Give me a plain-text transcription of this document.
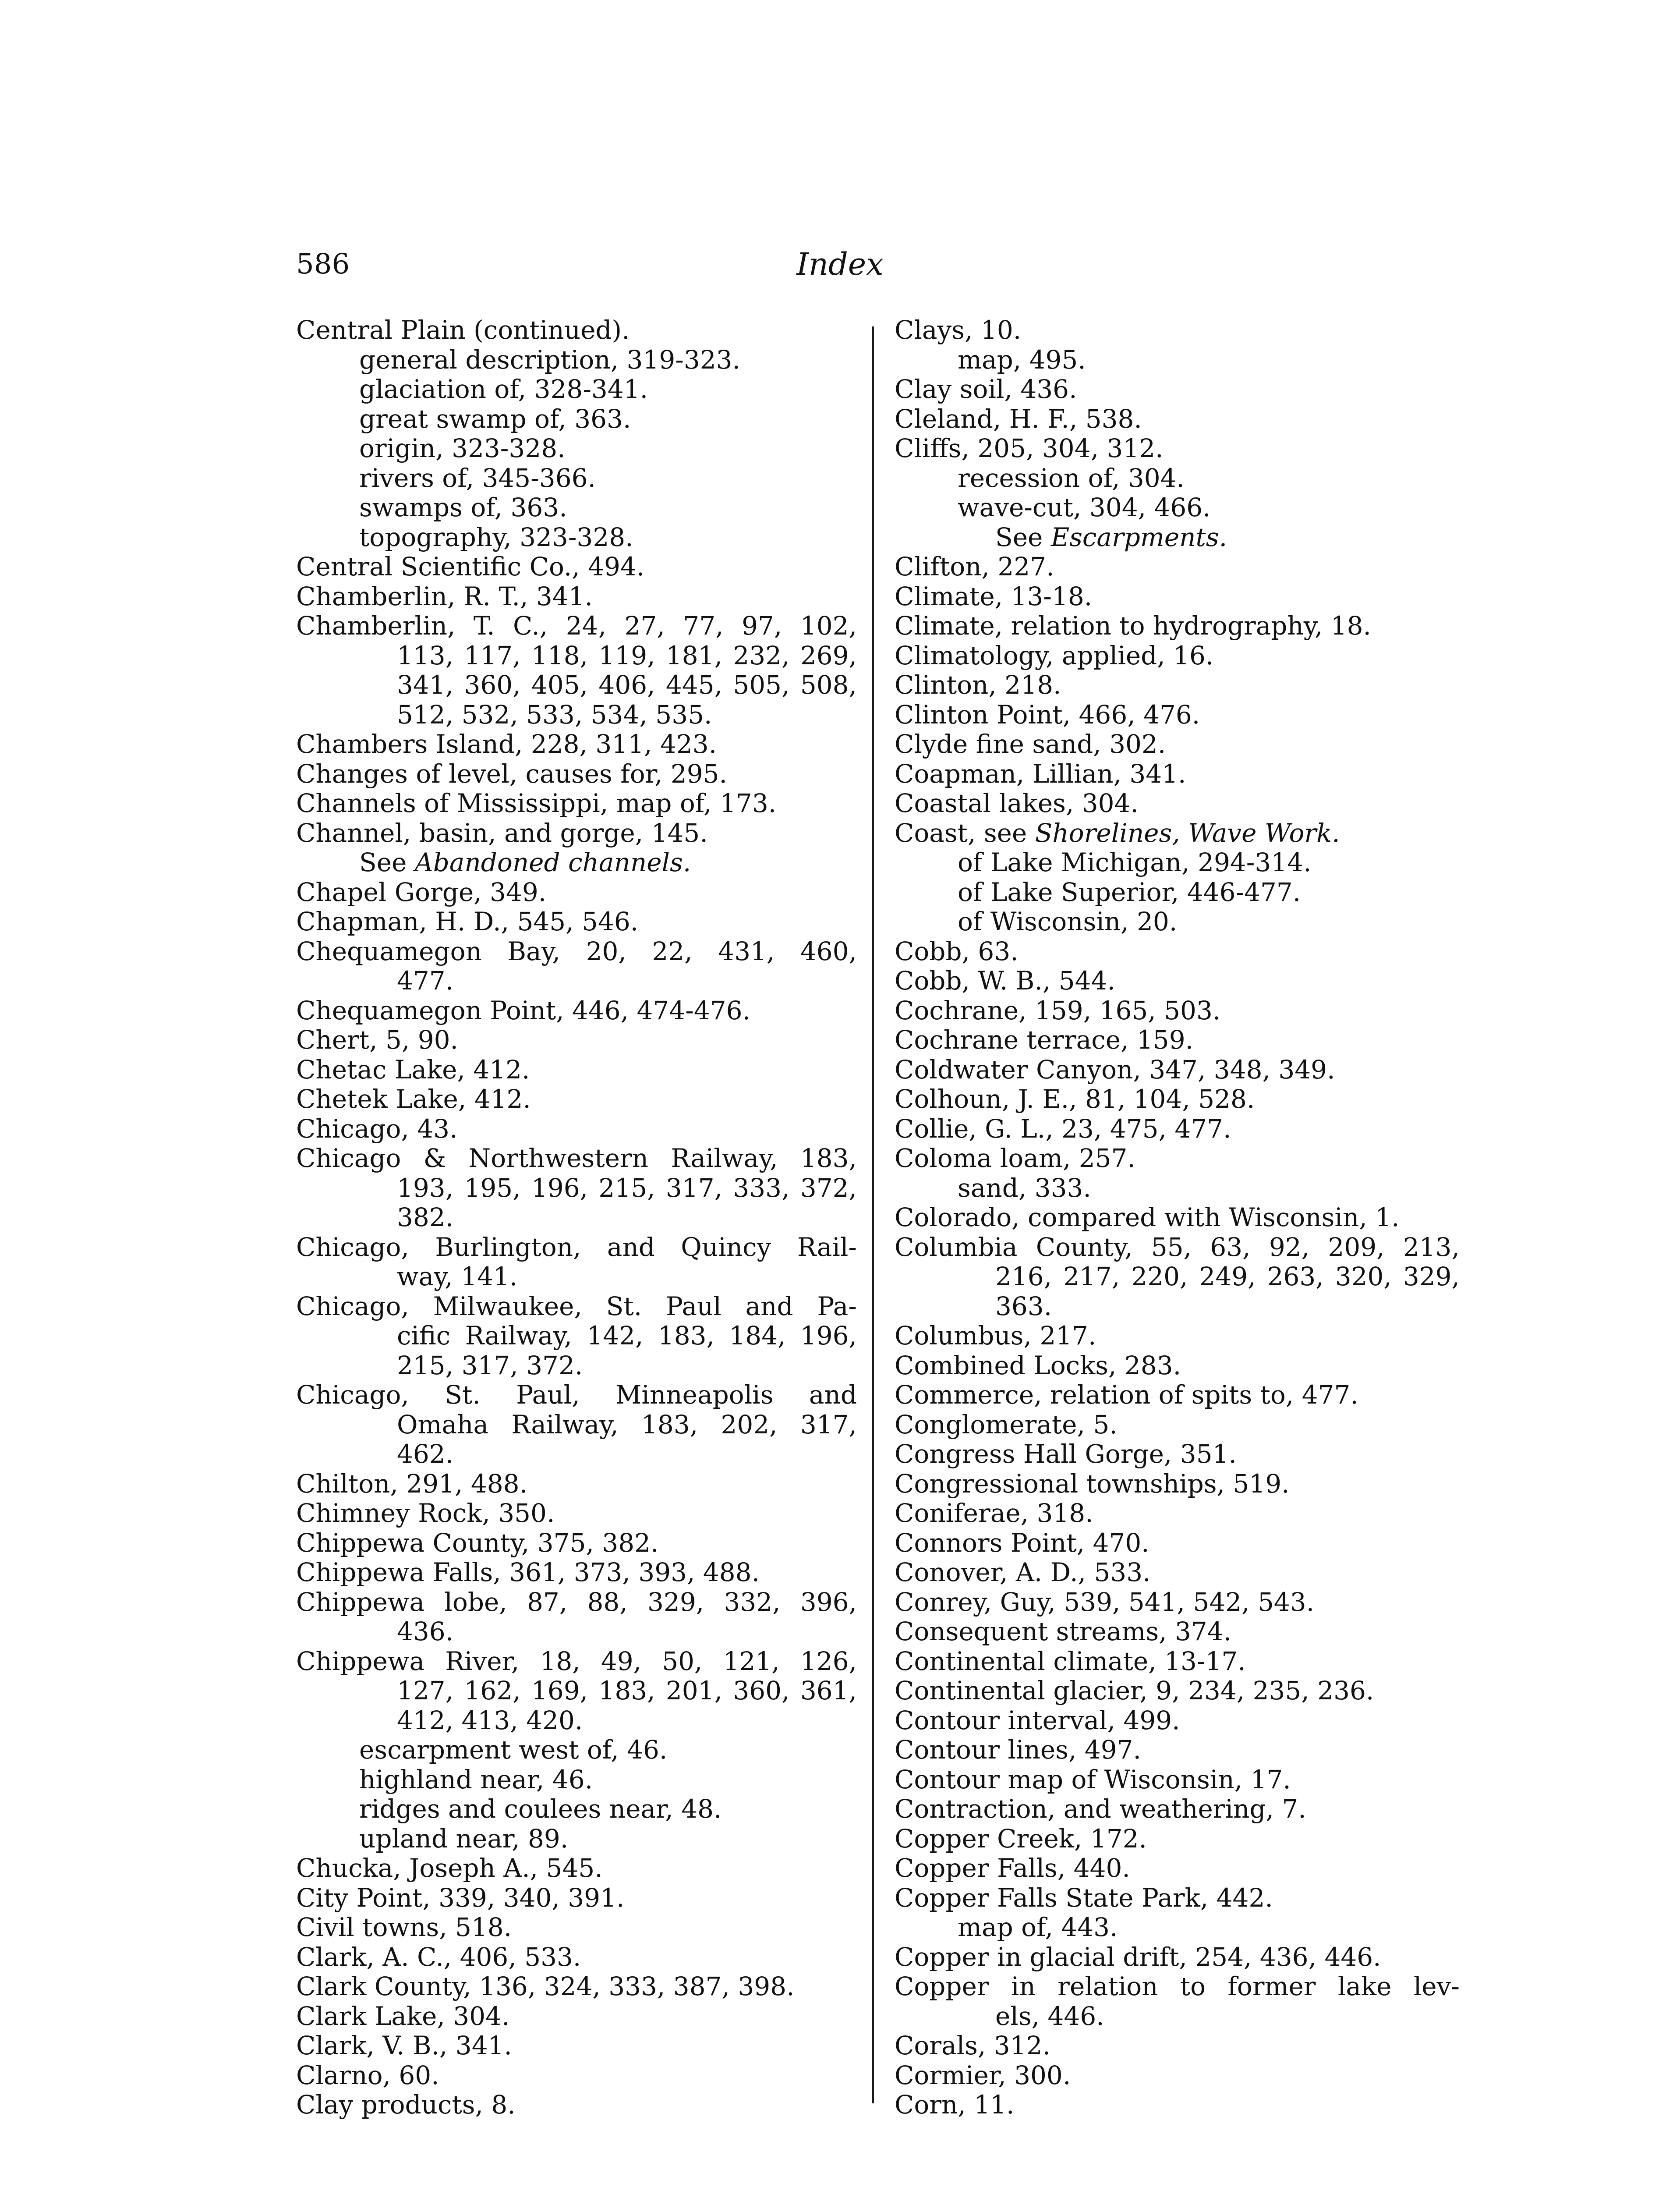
586	Index
Central Plain (continued).
general description, 319-323.
glaciation of, 328-341.
great swamp of, 363.
origin, 323-328.
rivers of, 345-366.
swamps of, 363.
topography, 323-328.
Central Scientific Co., 494.
Chamberlin, R. T., 341.
Chamberlin, T. C., 24, 27, 77, 97, 102,
113, 117, 118, 119, 181, 232, 269,
341, 360, 405, 406, 445, 505, 508,
512, 532, 533, 534, 535.
Chambers Island, 228, 311, 423.
Changes of level, causes for, 295.
Channels of Mississippi, map of, 173.
Channel, basin, and gorge, 145.
See Abandoned channels.
Chapel Gorge, 349.
Chapman, H. D., 545, 546.
Chequamegon Bay, 20, 22, 431, 460,
477.
Chequamegon Point, 446, 474-476.
Chert, 5, 90.
Chetac Lake, 412.
Chetek Lake, 412.
Chicago, 43.
Chicago & Northwestern Railway, 183,
193, 195, 196, 215, 317, 333, 372,
382.
Chicago, Burlington, and Quincy Rail-
way, 141.
Chicago, Milwaukee, St. Paul and Pa-
cific Railway, 142, 183, 184, 196,
215, 317, 372.
Chicago, St. Paul, Minneapolis and
Omaha Railway, 183, 202, 317,
462.
Chilton, 291, 488.
Chimney Rock, 350.
Chippewa County, 375, 382.
Chippewa Falls, 361, 373, 393, 488.
Chippewa lobe, 87, 88, 329, 332, 396,
436.
Chippewa River, 18, 49, 50, 121, 126,
127, 162, 169, 183, 201, 360, 361,
412, 413, 420.
escarpment west of, 46.
highland near, 46.
ridges and coulees near, 48.
upland near, 89.
Chucka, Joseph A., 545.
City Point, 339, 340, 391.
Civil towns, 518.
Clark, A. C., 406, 533.
Clark County, 136, 324, 333, 387, 398.
Clark Lake, 304.
Clark, V. B., 341.
Clarno, 60.
Clay products, 8.
Clays, 10.
map, 495.
Clay soil, 436.
Cleland, H. F., 538.
Cliffs, 205, 304, 312.
recession of, 304.
wave-cut, 304, 466.
See Escarpments.
Clifton, 227.
Climate, 13-18.
Climate, relation to hydrography, 18.
Climatology, applied, 16.
Clinton, 218.
Clinton Point, 466, 476.
Clyde fine sand, 302.
Coapman, Lillian, 341.
Coastal lakes, 304.
Coast, see Shorelines, Wave Work.
of Lake Michigan, 294-314.
of Lake Superior, 446-477.
of Wisconsin, 20.
Cobb, 63.
Cobb, W. B., 544.
Cochrane, 159, 165, 503.
Cochrane terrace, 159.
Coldwater Canyon, 347, 348, 349.
Colhoun, J. E., 81, 104, 528.
Collie, G. L., 23, 475, 477.
Coloma loam, 257.
sand, 333.
Colorado, compared with Wisconsin, 1.
Columbia County, 55, 63, 92, 209, 213,
216, 217, 220, 249, 263, 320, 329,
363.
Columbus, 217.
Combined Locks, 283.
Commerce, relation of spits to, 477.
Conglomerate, 5.
Congress Hall Gorge, 351.
Congressional townships, 519.
Coniferae, 318.
Connors Point, 470.
Conover, A. D., 533.
Conrey, Guy, 539, 541, 542, 543.
Consequent streams, 374.
Continental climate, 13-17.
Continental glacier, 9, 234, 235, 236.
Contour interval, 499.
Contour lines, 497.
Contour map of Wisconsin, 17.
Contraction, and weathering, 7.
Copper Creek, 172.
Copper Falls, 440.
Copper Falls State Park, 442.
map of, 443.
Copper in glacial drift, 254, 436, 446.
Copper in relation to former lake lev-
els, 446.
Corals, 312.
Cormier, 300.
Corn, 11.
